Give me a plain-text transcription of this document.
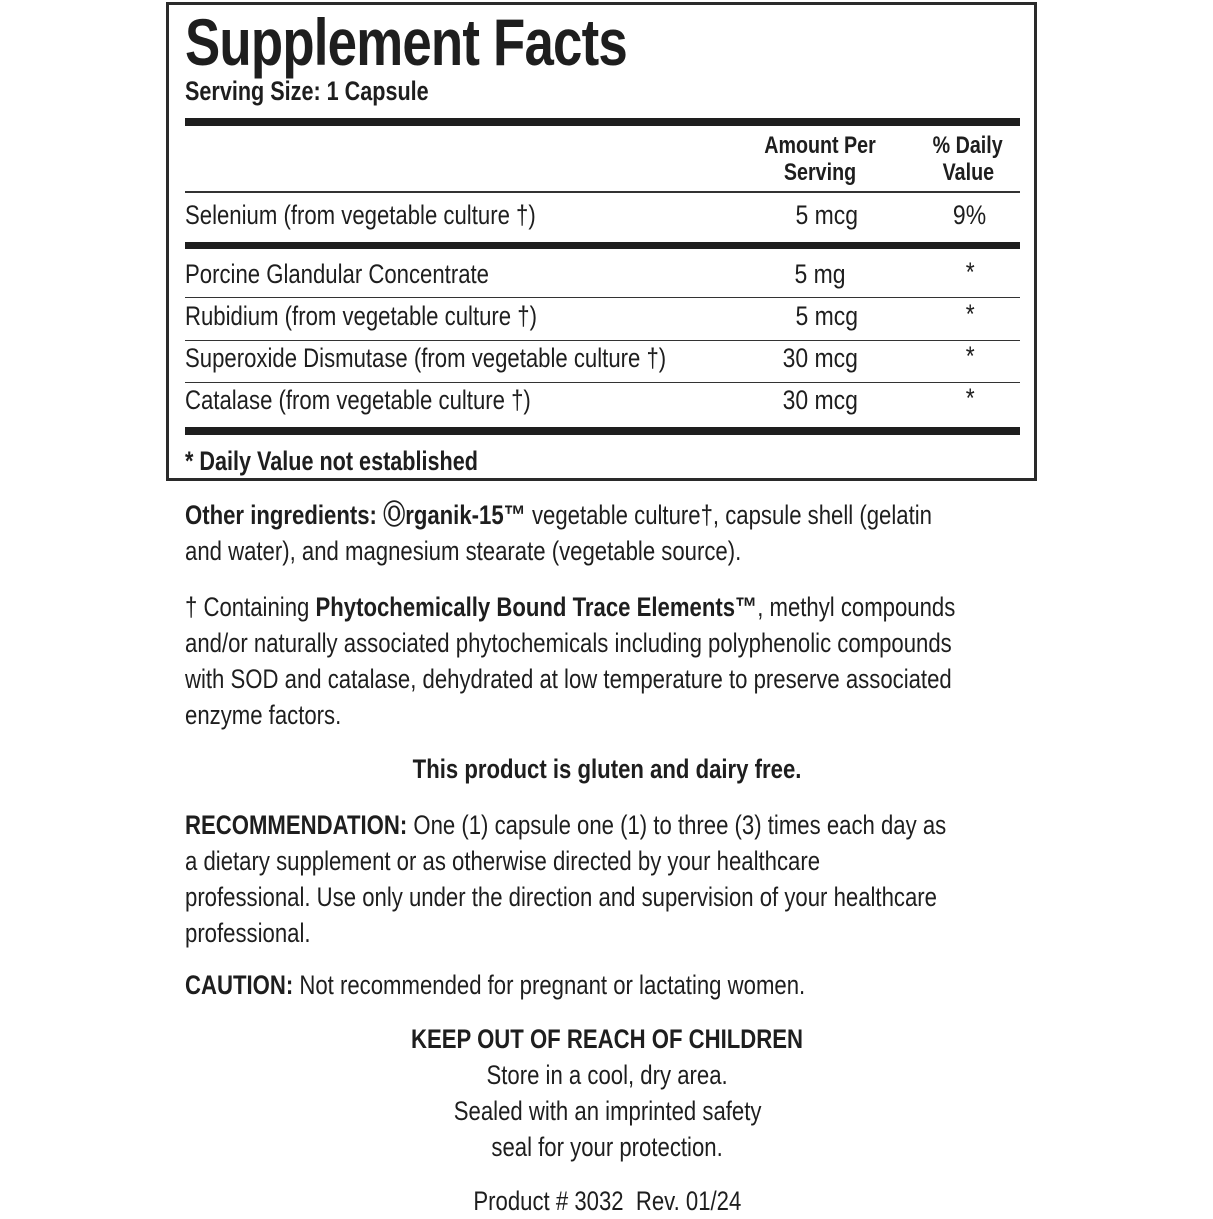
Supplement Facts
Serving Size: 1 Capsule
Amount Per
Serving
% Daily
Value
Selenium (from vegetable culture †)	5 mcg	9%
Porcine Glandular Concentrate	5 mg	*
Rubidium (from vegetable culture †)	5 mcg	*
Superoxide Dismutase (from vegetable culture †)	30 mcg	*
Catalase (from vegetable culture †)	30 mcg	*
* Daily Value not established
Other ingredients: Ⓞrganik-15™ vegetable culture†, capsule shell (gelatin
and water), and magnesium stearate (vegetable source).
† Containing Phytochemically Bound Trace Elements™, methyl compounds
and/or naturally associated phytochemicals including polyphenolic compounds
with SOD and catalase, dehydrated at low temperature to preserve associated
enzyme factors.
This product is gluten and dairy free.
RECOMMENDATION: One (1) capsule one (1) to three (3) times each day as
a dietary supplement or as otherwise directed by your healthcare
professional. Use only under the direction and supervision of your healthcare
professional.
CAUTION: Not recommended for pregnant or lactating women.
KEEP OUT OF REACH OF CHILDREN
Store in a cool, dry area.
Sealed with an imprinted safety
seal for your protection.
Product # 3032  Rev. 01/24
